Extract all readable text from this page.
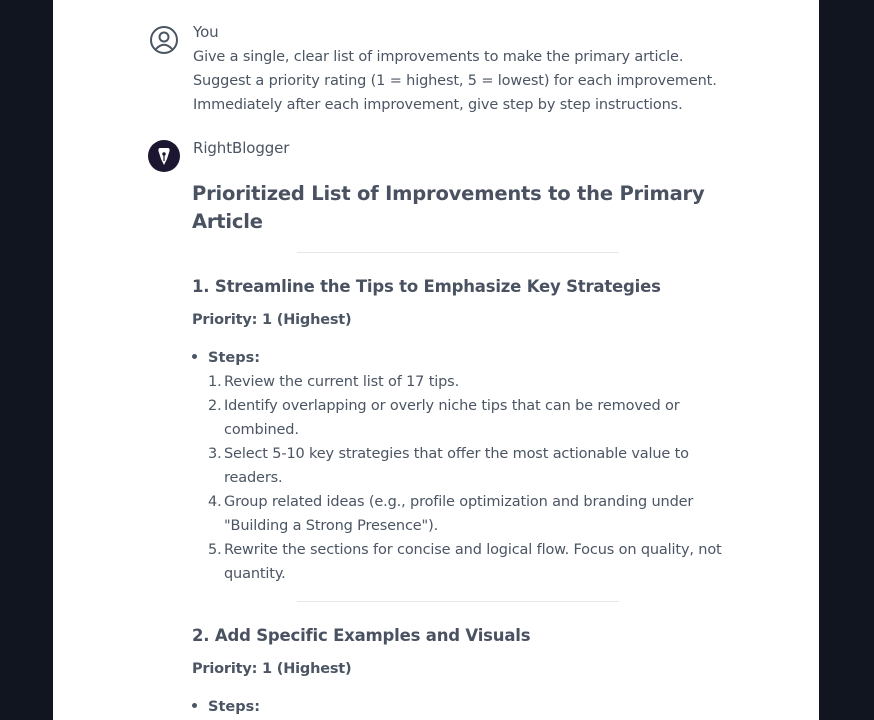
You
Give a single, clear list of improvements to make the primary article.
Suggest a priority rating (1 = highest, 5 = lowest) for each improvement.
Immediately after each improvement, give step by step instructions.
RightBlogger
Prioritized List of Improvements to the Primary Article
1. Streamline the Tips to Emphasize Key Strategies
Priority: 1 (Highest)
Steps:
1. Review the current list of 17 tips.
2. Identify overlapping or overly niche tips that can be removed or combined.
3. Select 5-10 key strategies that offer the most actionable value to readers.
4. Group related ideas (e.g., profile optimization and branding under "Building a Strong Presence").
5. Rewrite the sections for concise and logical flow. Focus on quality, not quantity.
2. Add Specific Examples and Visuals
Priority: 1 (Highest)
Steps:
